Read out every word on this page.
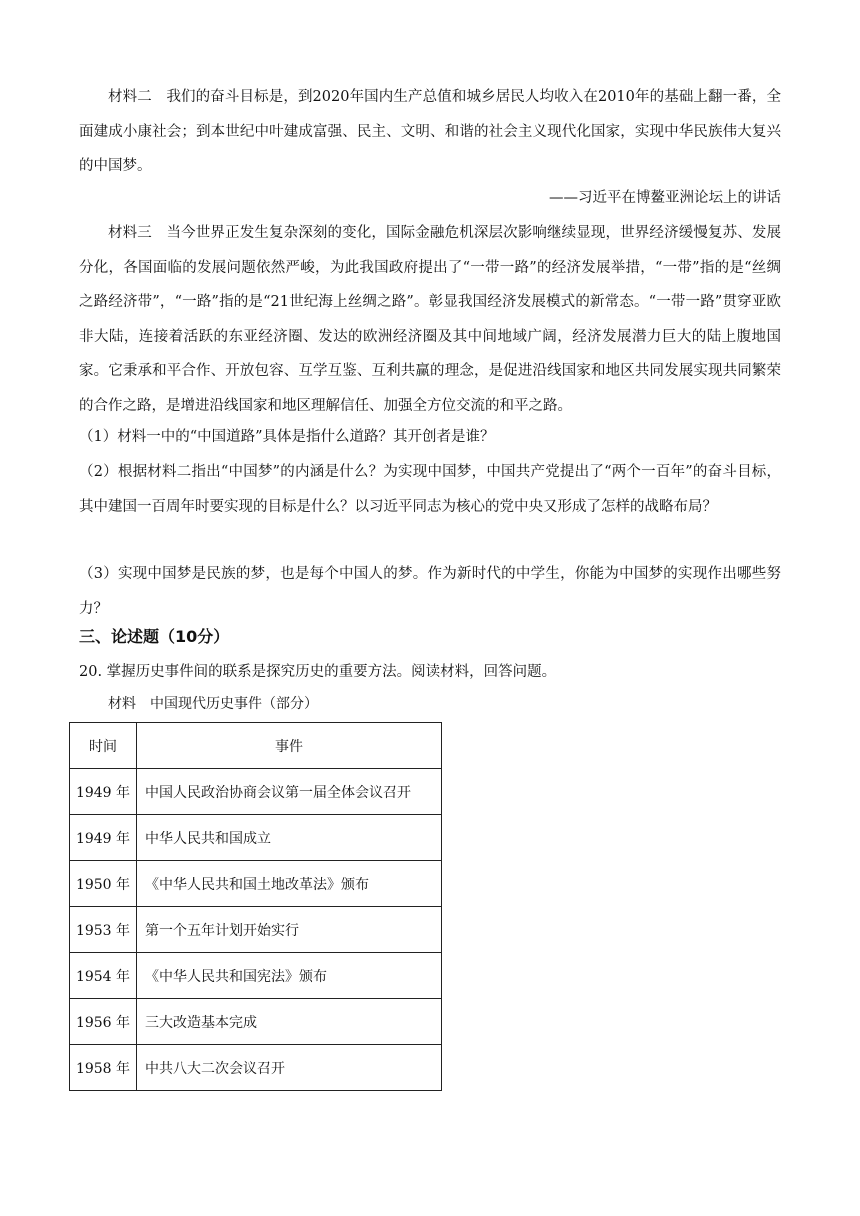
材料二　我们的奋斗目标是，到2020年国内生产总值和城乡居民人均收入在2010年的基础上翻一番，全面建成小康社会；到本世纪中叶建成富强、民主、文明、和谐的社会主义现代化国家，实现中华民族伟大复兴的中国梦。

——习近平在博鳌亚洲论坛上的讲话

材料三　当今世界正发生复杂深刻的变化，国际金融危机深层次影响继续显现，世界经济缓慢复苏、发展分化，各国面临的发展问题依然严峻，为此我国政府提出了“一带一路”的经济发展举措，“一带”指的是“丝绸之路经济带”，“一路”指的是“21世纪海上丝绸之路”。彰显我国经济发展模式的新常态。“一带一路”贯穿亚欧非大陆，连接着活跃的东亚经济圈、发达的欧洲经济圈及其中间地域广阔，经济发展潜力巨大的陆上腹地国家。它秉承和平合作、开放包容、互学互鉴、互利共赢的理念，是促进沿线国家和地区共同发展实现共同繁荣的合作之路，是增进沿线国家和地区理解信任、加强全方位交流的和平之路。

（1）材料一中的“中国道路”具体是指什么道路？其开创者是谁？

（2）根据材料二指出“中国梦”的内涵是什么？为实现中国梦，中国共产党提出了“两个一百年”的奋斗目标，其中建国一百周年时要实现的目标是什么？以习近平同志为核心的党中央又形成了怎样的战略布局？

（3）实现中国梦是民族的梦，也是每个中国人的梦。作为新时代的中学生，你能为中国梦的实现作出哪些努力？

三、论述题（10分）

20. 掌握历史事件间的联系是探究历史的重要方法。阅读材料，回答问题。

材料　中国现代历史事件（部分）

时间	事件
1949 年	中国人民政治协商会议第一届全体会议召开
1949 年	中华人民共和国成立
1950 年	《中华人民共和国土地改革法》颁布
1953 年	第一个五年计划开始实行
1954 年	《中华人民共和国宪法》颁布
1956 年	三大改造基本完成
1958 年	中共八大二次会议召开
